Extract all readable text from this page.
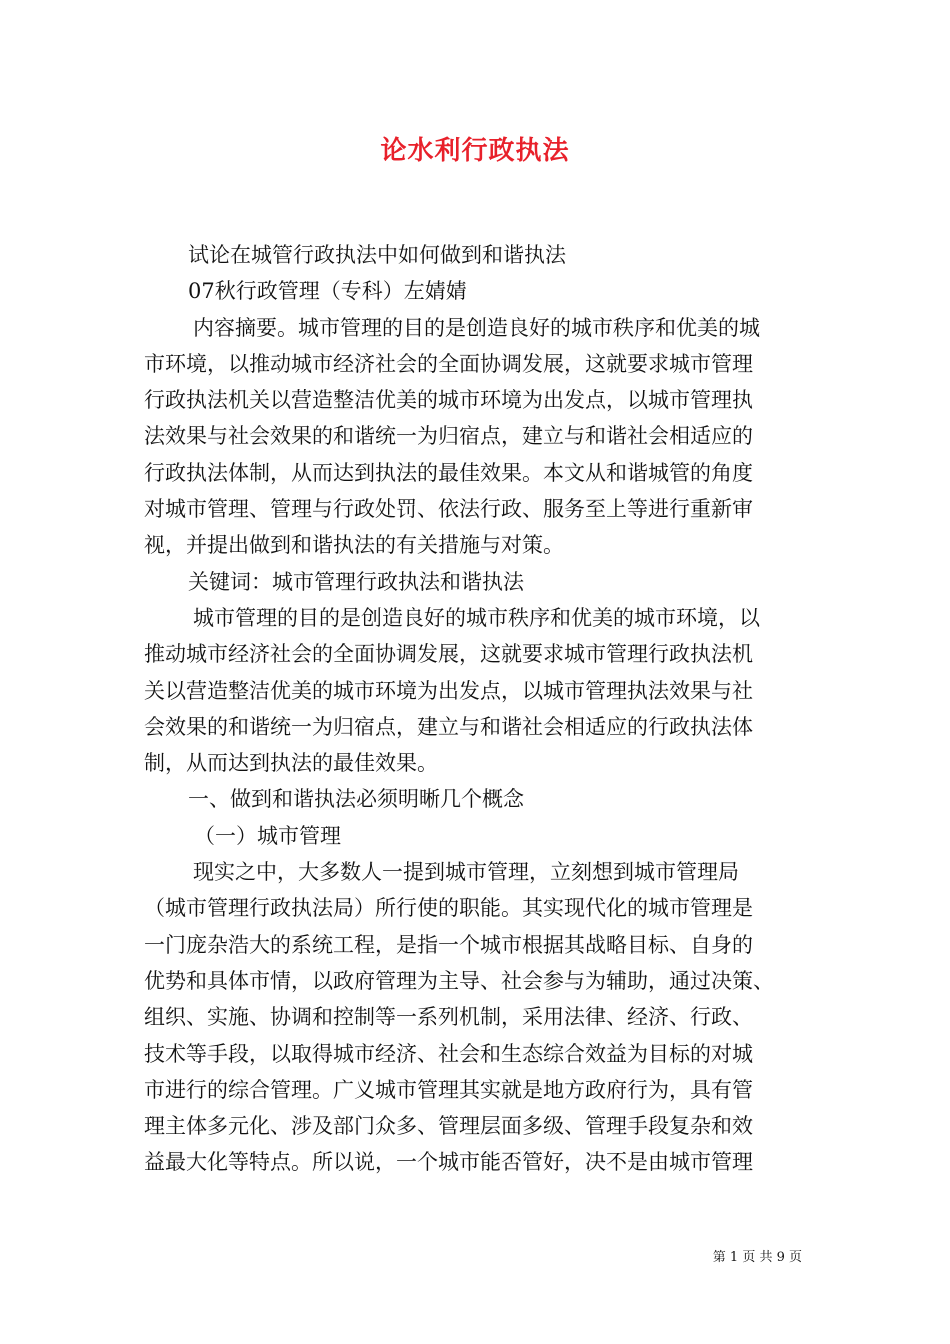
论水利行政执法

试论在城管行政执法中如何做到和谐执法

07秋行政管理（专科）左婧婧

内容摘要。城市管理的目的是创造良好的城市秩序和优美的城

市环境，以推动城市经济社会的全面协调发展，这就要求城市管理

行政执法机关以营造整洁优美的城市环境为出发点，以城市管理执

法效果与社会效果的和谐统一为归宿点，建立与和谐社会相适应的

行政执法体制，从而达到执法的最佳效果。本文从和谐城管的角度

对城市管理、管理与行政处罚、依法行政、服务至上等进行重新审

视，并提出做到和谐执法的有关措施与对策。

关键词：城市管理行政执法和谐执法

城市管理的目的是创造良好的城市秩序和优美的城市环境，以

推动城市经济社会的全面协调发展，这就要求城市管理行政执法机

关以营造整洁优美的城市环境为出发点，以城市管理执法效果与社

会效果的和谐统一为归宿点，建立与和谐社会相适应的行政执法体

制，从而达到执法的最佳效果。

一、做到和谐执法必须明晰几个概念

（一）城市管理

现实之中，大多数人一提到城市管理，立刻想到城市管理局

（城市管理行政执法局）所行使的职能。其实现代化的城市管理是

一门庞杂浩大的系统工程，是指一个城市根据其战略目标、自身的

优势和具体市情，以政府管理为主导、社会参与为辅助，通过决策、

组织、实施、协调和控制等一系列机制，采用法律、经济、行政、

技术等手段，以取得城市经济、社会和生态综合效益为目标的对城

市进行的综合管理。广义城市管理其实就是地方政府行为，具有管

理主体多元化、涉及部门众多、管理层面多级、管理手段复杂和效

益最大化等特点。所以说，一个城市能否管好，决不是由城市管理

第 1 页 共 9 页
